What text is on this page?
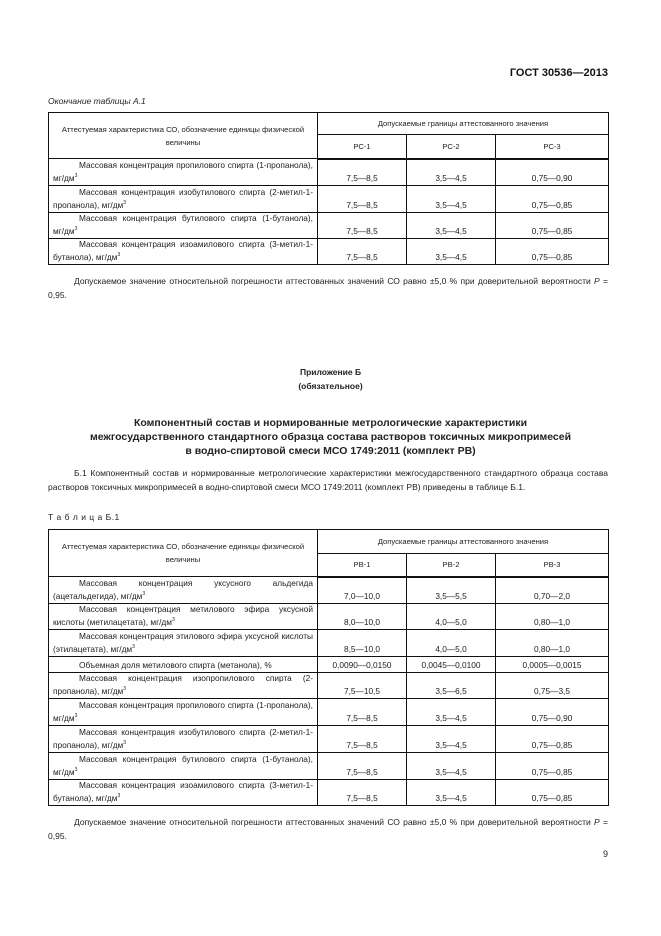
ГОСТ 30536—2013
Окончание таблицы А.1
Аттестуемая характеристика СО, обозначение единицы физической величины	Допускаемые границы аттестованного значения		
	РС-1	РС-2	РС-3
Массовая концентрация пропилового спирта (1-пропанола), $мг/дм^3$	7,5—8,5	3,5—4,5	0,75—0,90
Массовая концентрация изобутилового спирта (2-метил-1-пропанола), $мг/дм^3$	7,5—8,5	3,5—4,5	0,75—0,85
Массовая концентрация бутилового спирта (1-бутанола), $мг/дм^3$	7,5—8,5	3,5—4,5	0,75—0,85
Массовая концентрация изоамилового спирта (3-метил-1-бутанола), $мг/дм^3$	7,5—8,5	3,5—4,5	0,75—0,85
Допускаемое значение относительной погрешности аттестованных значений СО равно ±5,0 % при доверительной вероятности P = 0,95.
Приложение Б
(обязательное)
Компонентный состав и нормированные метрологические характеристики
межгосударственного стандартного образца состава растворов токсичных микропримесей
в водно-спиртовой смеси МСО 1749:2011 (комплект РВ)
Б.1 Компонентный состав и нормированные метрологические характеристики межгосударственного стандартного образца состава растворов токсичных микропримесей в водно-спиртовой смеси МСО 1749:2011 (комплект РВ) приведены в таблице Б.1.
Т а б л и ц а Б.1
Аттестуемая характеристика СО, обозначение единицы физической величины	Допускаемые границы аттестованного значения		
	РВ-1	РВ-2	РВ-3
Массовая концентрация уксусного альдегида (ацетальдегида), $мг/дм^3$	7,0—10,0	3,5—5,5	0,70—2,0
Массовая концентрация метилового эфира уксусной кислоты (метилацетата), $мг/дм^3$	8,0—10,0	4,0—5,0	0,80—1,0
Массовая концентрация этилового эфира уксусной кислоты (этилацетата), $мг/дм^3$	8,5—10,0	4,0—5,0	0,80—1,0
Объемная доля метилового спирта (метанола), %	0,0090—0,0150	0,0045—0,0100	0,0005—0,0015
Массовая концентрация изопропилового спирта (2-пропанола), $мг/дм^3$	7,5—10,5	3,5—6,5	0,75—3,5
Массовая концентрация пропилового спирта (1-пропанола), $мг/дм^3$	7,5—8,5	3,5—4,5	0,75—0,90
Массовая концентрация изобутилового спирта (2-метил-1-пропанола), $мг/дм^3$	7,5—8,5	3,5—4,5	0,75—0,85
Массовая концентрация бутилового спирта (1-бутанола), $мг/дм^3$	7,5—8,5	3,5—4,5	0,75—0,85
Массовая концентрация изоамилового спирта (3-метил-1-бутанола), $мг/дм^3$	7,5—8,5	3,5—4,5	0,75—0,85
Допускаемое значение относительной погрешности аттестованных значений СО равно ±5,0 % при доверительной вероятности P = 0,95.
9
